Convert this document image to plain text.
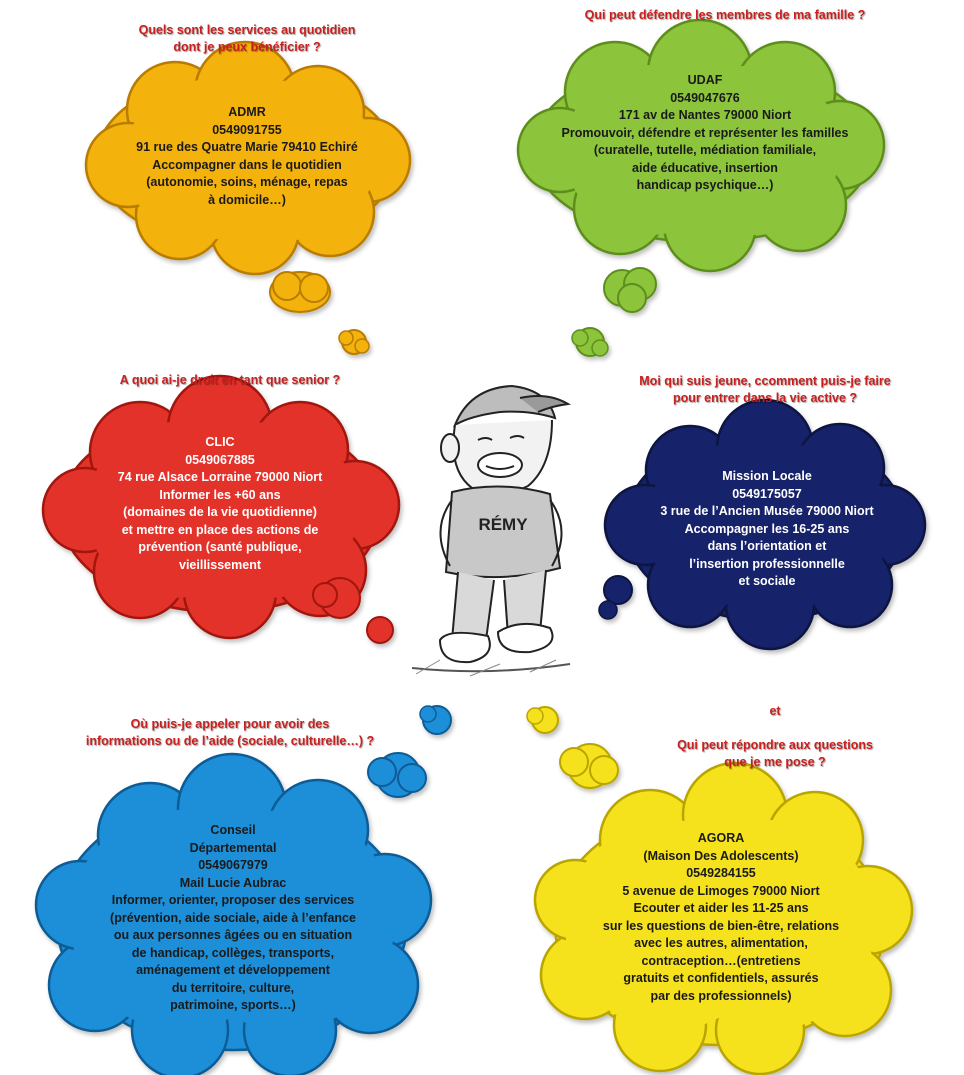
RÉMY
Quels sont les services au quotidien
dont je peux bénéficier ?
Qui peut défendre les membres de ma famille ?
A quoi ai-je droit en tant que senior ?	Moi qui suis jeune, ccomment puis-je faire
pour entrer dans la vie active ?
Où puis-je appeler pour avoir des
informations ou de l’aide (sociale, culturelle…) ?
et

Qui peut répondre aux questions
que je me pose ?
ADMR
0549091755
91 rue des Quatre Marie 79410 Echiré
Accompagner dans le quotidien
(autonomie, soins, ménage, repas
à domicile…)
UDAF
0549047676
171 av de Nantes 79000 Niort
Promouvoir, défendre et représenter les familles
(curatelle, tutelle, médiation familiale,
aide éducative, insertion
handicap psychique…)
CLIC
0549067885
74 rue Alsace Lorraine 79000 Niort
Informer les +60 ans
(domaines de la vie quotidienne)
et mettre en place des actions de
prévention (santé publique,
vieillissement
Mission Locale
0549175057
3 rue de l’Ancien Musée 79000 Niort
Accompagner les 16-25 ans
dans l’orientation et
l’insertion professionnelle
et sociale
Conseil
Départemental
0549067979
Mail Lucie Aubrac
Informer, orienter, proposer des services
(prévention, aide sociale, aide à l’enfance
ou aux personnes âgées ou en situation
de handicap, collèges, transports,
aménagement et développement
du territoire, culture,
patrimoine, sports…)
AGORA
(Maison Des Adolescents)
0549284155
5 avenue de Limoges 79000 Niort
Ecouter et aider les 11-25 ans
sur les questions de bien-être, relations
avec les autres, alimentation,
contraception…(entretiens
gratuits et confidentiels, assurés
par des professionnels)
